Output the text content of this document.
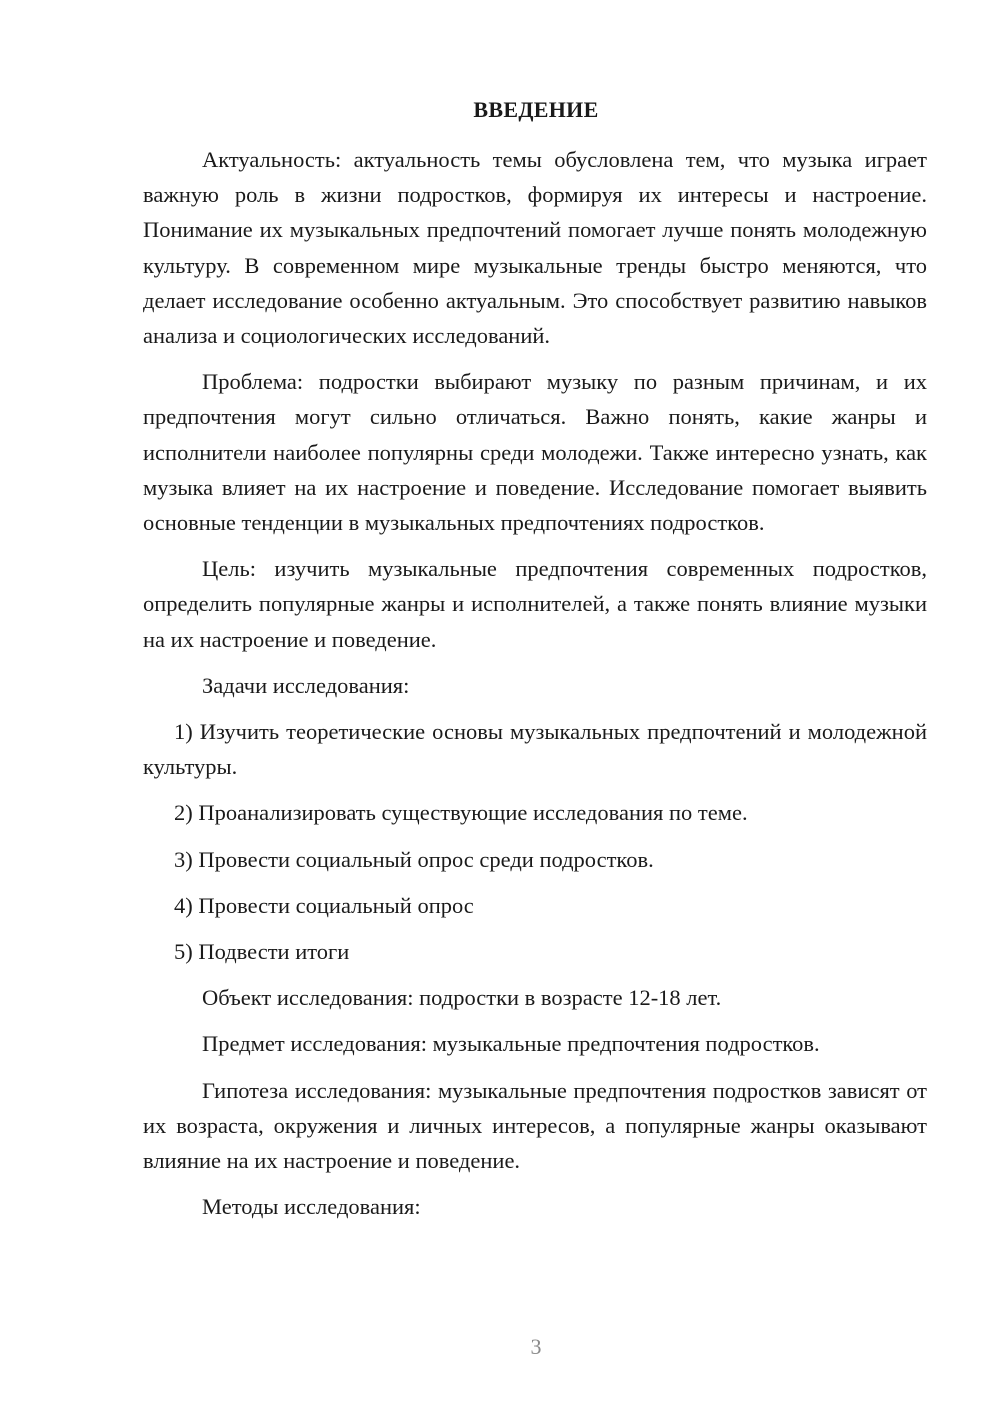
ВВЕДЕНИЕ

Актуальность: актуальность темы обусловлена тем, что музыка играет важную роль в жизни подростков, формируя их интересы и настроение. Понимание их музыкальных предпочтений помогает лучше понять молодежную культуру. В современном мире музыкальные тренды быстро меняются, что делает исследование особенно актуальным. Это способствует развитию навыков анализа и социологических исследований.

Проблема: подростки выбирают музыку по разным причинам, и их предпочтения могут сильно отличаться. Важно понять, какие жанры и исполнители наиболее популярны среди молодежи. Также интересно узнать, как музыка влияет на их настроение и поведение. Исследование помогает выявить основные тенденции в музыкальных предпочтениях подростков.

Цель: изучить музыкальные предпочтения современных подростков, определить популярные жанры и исполнителей, а также понять влияние музыки на их настроение и поведение.

Задачи исследования:

1) Изучить теоретические основы музыкальных предпочтений и молодежной культуры.

2) Проанализировать существующие исследования по теме.

3) Провести социальный опрос среди подростков.

4) Провести социальный опрос

5) Подвести итоги

Объект исследования: подростки в возрасте 12-18 лет.

Предмет исследования: музыкальные предпочтения подростков.

Гипотеза исследования: музыкальные предпочтения подростков зависят от их возраста, окружения и личных интересов, а популярные жанры оказывают влияние на их настроение и поведение.

Методы исследования:

3
